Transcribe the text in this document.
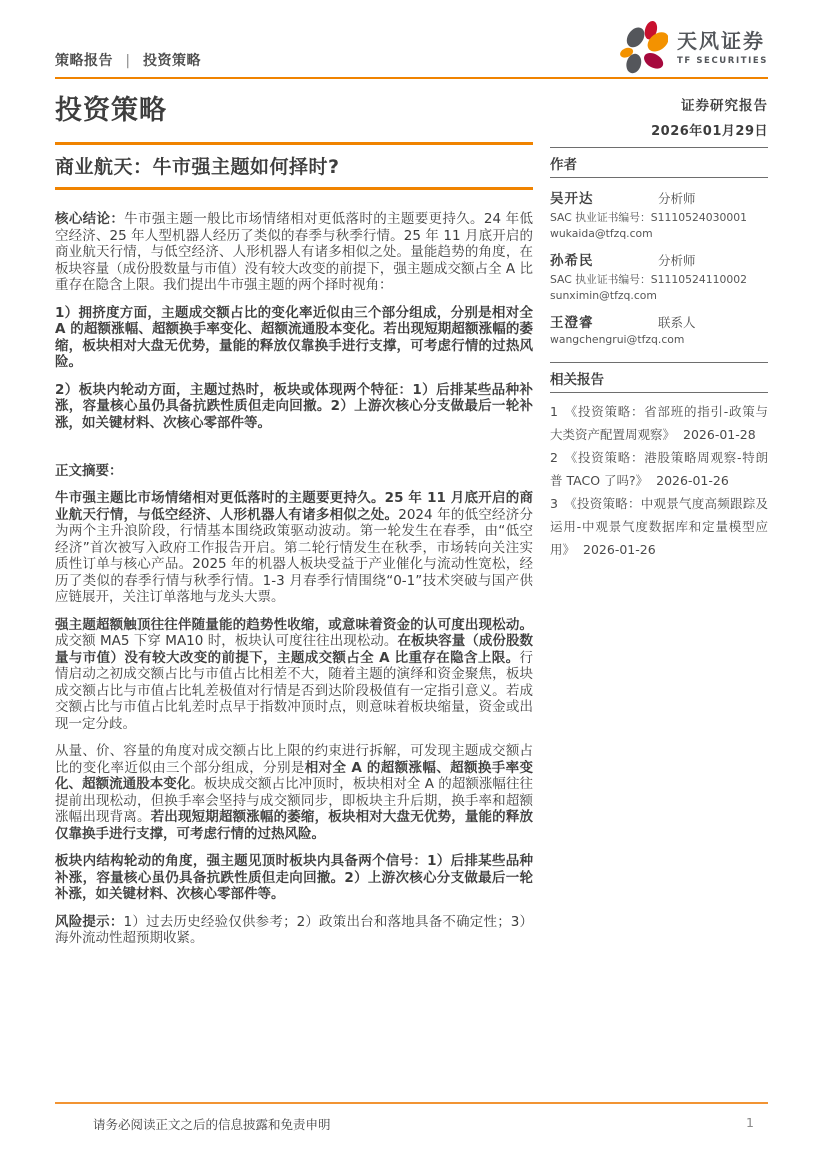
策略报告 | 投资策略
天风证券
TF SECURITIES
投资策略
商业航天：牛市强主题如何择时?
核心结论：牛市强主题一般比市场情绪相对更低落时的主题要更持久。24 年低空经济、25 年人型机器人经历了类似的春季与秋季行情。25 年 11 月底开启的商业航天行情，与低空经济、人形机器人有诸多相似之处。量能趋势的角度，在板块容量（成份股数量与市值）没有较大改变的前提下，强主题成交额占全 A 比重存在隐含上限。我们提出牛市强主题的两个择时视角：
1）拥挤度方面，主题成交额占比的变化率近似由三个部分组成，分别是相对全 A 的超额涨幅、超额换手率变化、超额流通股本变化。若出现短期超额涨幅的萎缩，板块相对大盘无优势，量能的释放仅靠换手进行支撑，可考虑行情的过热风险。
2）板块内轮动方面，主题过热时，板块或体现两个特征：1）后排某些品种补涨，容量核心虽仍具备抗跌性质但走向回撤。2）上游次核心分支做最后一轮补涨，如关键材料、次核心零部件等。
正文摘要：
牛市强主题比市场情绪相对更低落时的主题要更持久。25 年 11 月底开启的商业航天行情，与低空经济、人形机器人有诸多相似之处。2024 年的低空经济分为两个主升浪阶段，行情基本围绕政策驱动波动。第一轮发生在春季，由“低空经济”首次被写入政府工作报告开启。第二轮行情发生在秋季，市场转向关注实质性订单与核心产品。2025 年的机器人板块受益于产业催化与流动性宽松，经历了类似的春季行情与秋季行情。1-3 月春季行情围绕“0-1”技术突破与国产供应链展开，关注订单落地与龙头大票。
强主题超额触顶往往伴随量能的趋势性收缩，或意味着资金的认可度出现松动。成交额 MA5 下穿 MA10 时，板块认可度往往出现松动。在板块容量（成份股数量与市值）没有较大改变的前提下，主题成交额占全 A 比重存在隐含上限。行情启动之初成交额占比与市值占比相差不大，随着主题的演绎和资金聚焦，板块成交额占比与市值占比轧差极值对行情是否到达阶段极值有一定指引意义。若成交额占比与市值占比轧差时点早于指数冲顶时点，则意味着板块缩量，资金或出现一定分歧。
从量、价、容量的角度对成交额占比上限的约束进行拆解，可发现主题成交额占比的变化率近似由三个部分组成，分别是相对全 A 的超额涨幅、超额换手率变化、超额流通股本变化。板块成交额占比冲顶时，板块相对全 A 的超额涨幅往往提前出现松动，但换手率会坚持与成交额同步，即板块主升后期，换手率和超额涨幅出现背离。若出现短期超额涨幅的萎缩，板块相对大盘无优势，量能的释放仅靠换手进行支撑，可考虑行情的过热风险。
板块内结构轮动的角度，强主题见顶时板块内具备两个信号：1）后排某些品种补涨，容量核心虽仍具备抗跌性质但走向回撤。2）上游次核心分支做最后一轮补涨，如关键材料、次核心零部件等。
风险提示：1）过去历史经验仅供参考；2）政策出台和落地具备不确定性；3）海外流动性超预期收紧。
证券研究报告
2026年01月29日
作者
吴开达	分析师
SAC 执业证书编号：S1110524030001
wukaida@tfzq.com
孙希民	分析师
SAC 执业证书编号：S1110524110002
sunximin@tfzq.com
王澄睿	联系人
wangchengrui@tfzq.com
相关报告
1 《投资策略：省部班的指引-政策与大类资产配置周观察》 2026-01-28
2 《投资策略：港股策略周观察-特朗普 TACO 了吗?》 2026-01-26
3 《投资策略：中观景气度高频跟踪及运用-中观景气度数据库和定量模型应用》 2026-01-26
请务必阅读正文之后的信息披露和免责申明	1
